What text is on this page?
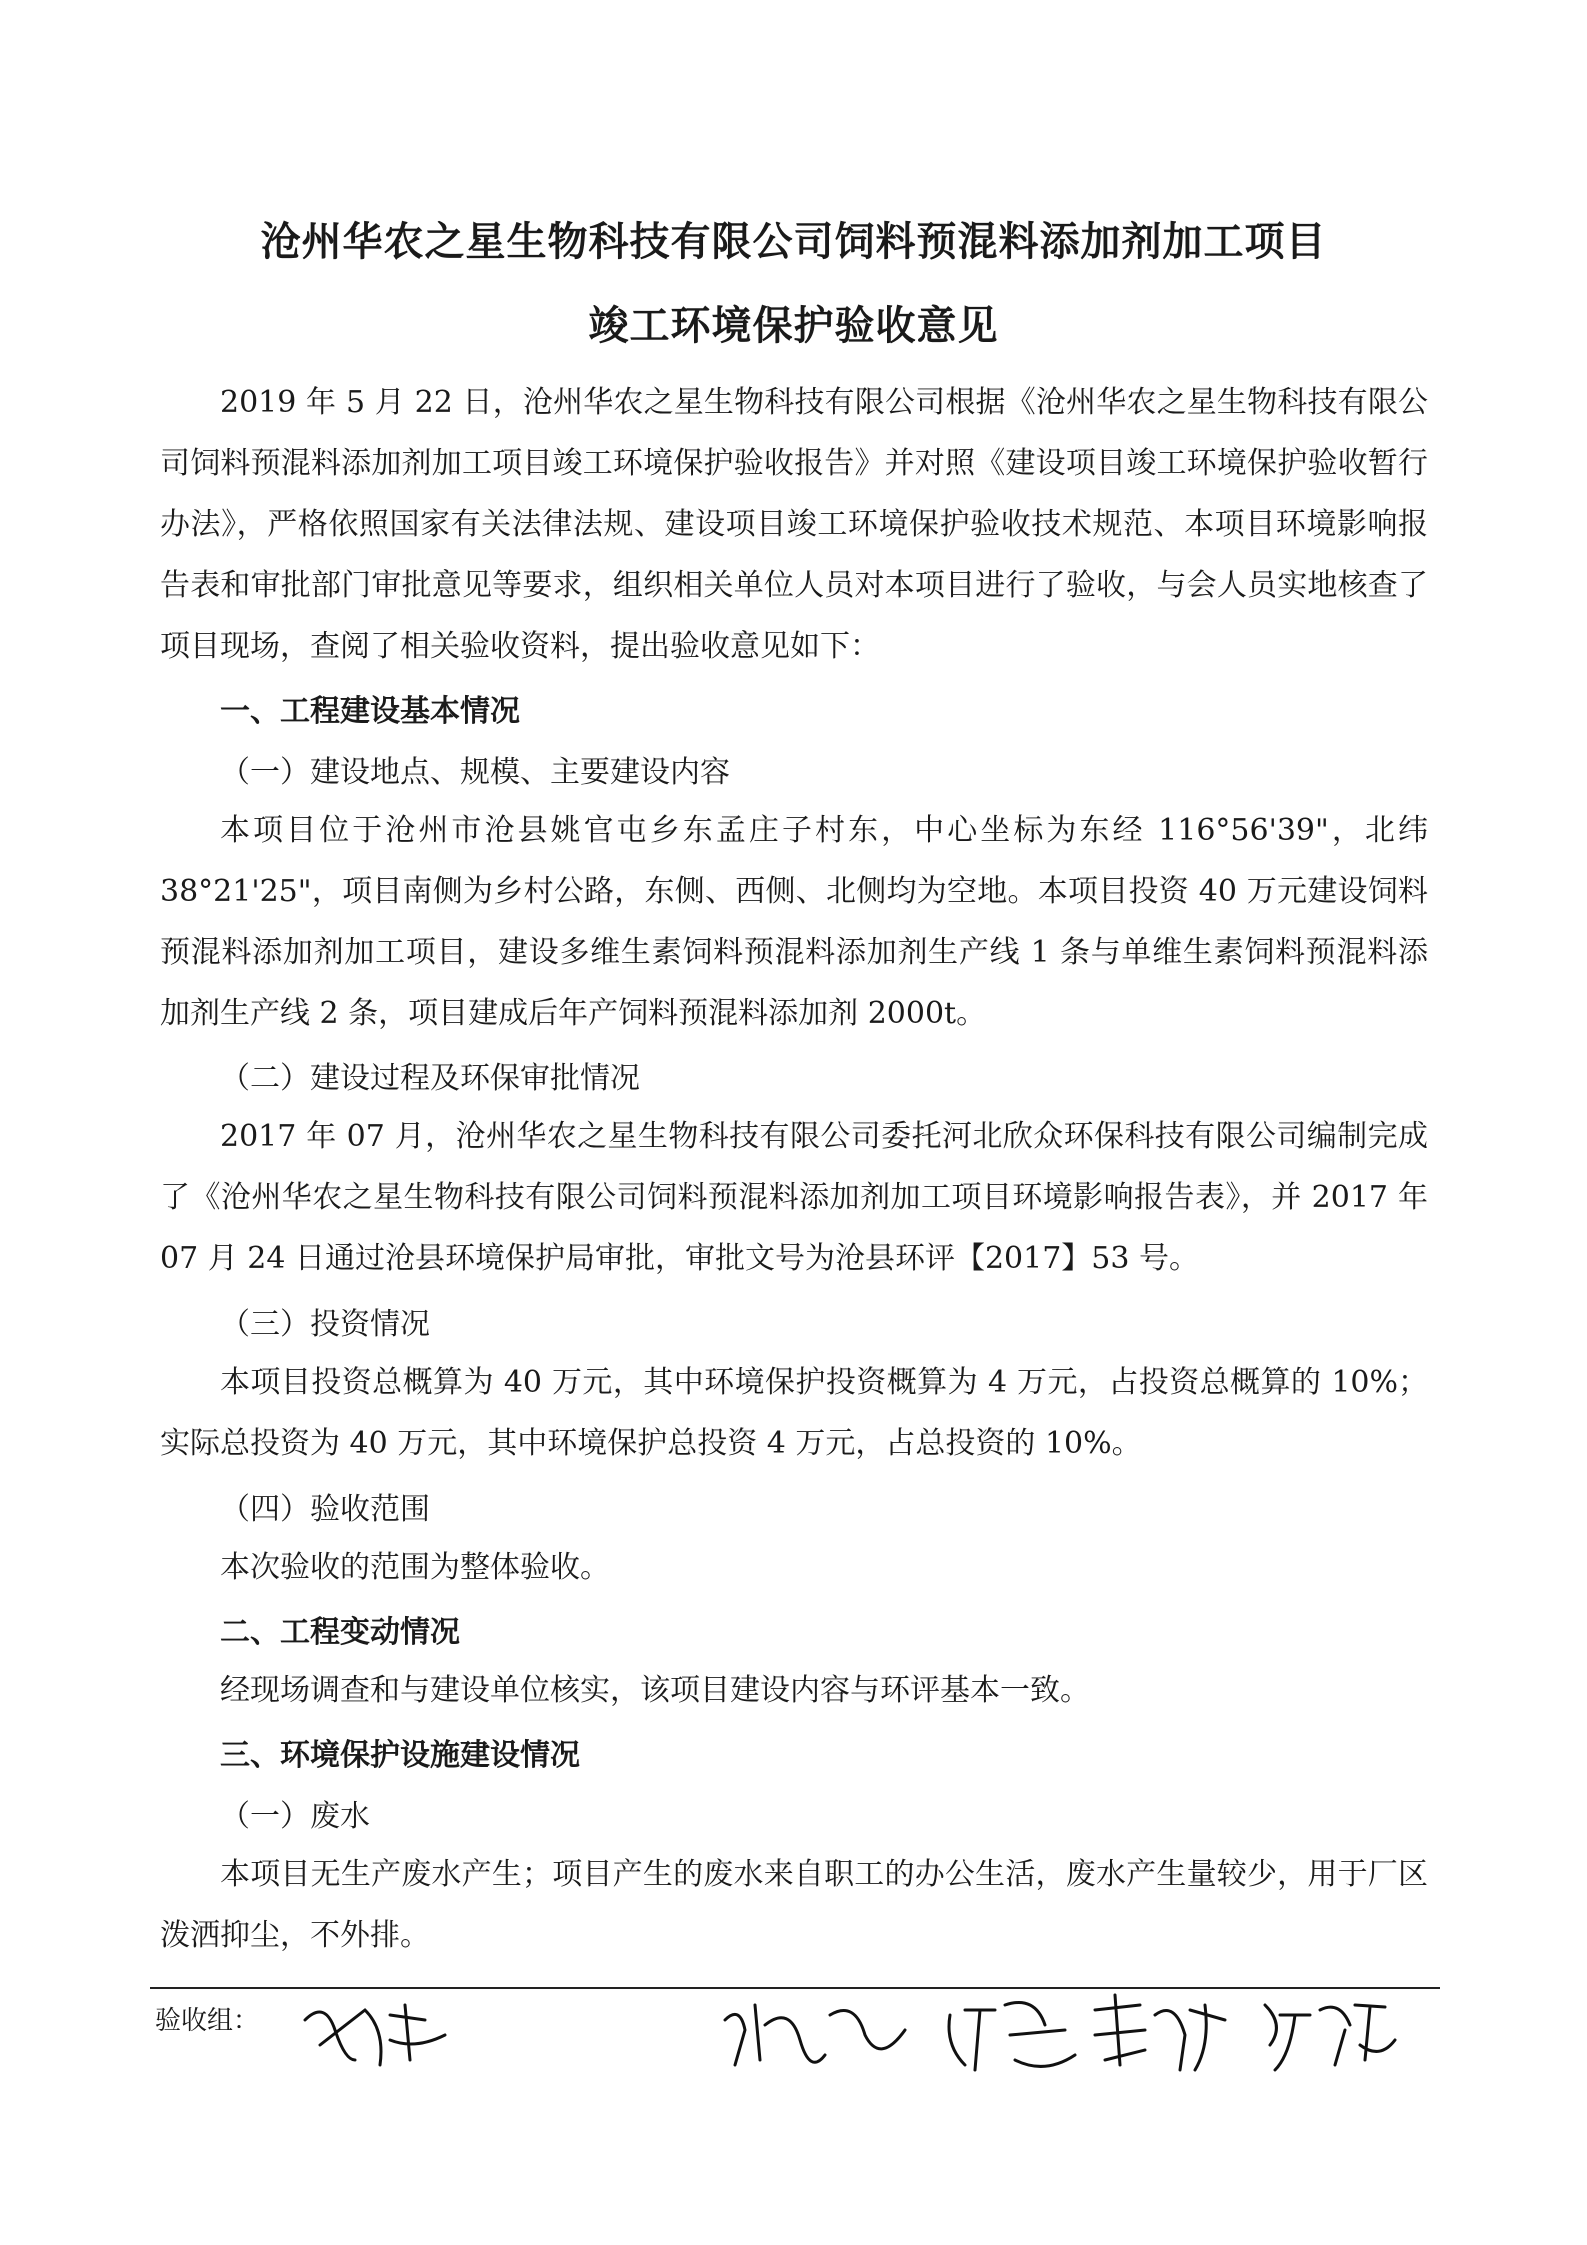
沧州华农之星生物科技有限公司饲料预混料添加剂加工项目
竣工环境保护验收意见
2019 年 5 月 22 日，沧州华农之星生物科技有限公司根据《沧州华农之星生物科技有限公司饲料预混料添加剂加工项目竣工环境保护验收报告》并对照《建设项目竣工环境保护验收暂行办法》，严格依照国家有关法律法规、建设项目竣工环境保护验收技术规范、本项目环境影响报告表和审批部门审批意见等要求，组织相关单位人员对本项目进行了验收，与会人员实地核查了项目现场，查阅了相关验收资料，提出验收意见如下：
一、工程建设基本情况
（一）建设地点、规模、主要建设内容
本项目位于沧州市沧县姚官屯乡东孟庄子村东，中心坐标为东经 116°56'39"，北纬 38°21'25"，项目南侧为乡村公路，东侧、西侧、北侧均为空地。本项目投资 40 万元建设饲料预混料添加剂加工项目，建设多维生素饲料预混料添加剂生产线 1 条与单维生素饲料预混料添加剂生产线 2 条，项目建成后年产饲料预混料添加剂 2000t。
（二）建设过程及环保审批情况
2017 年 07 月，沧州华农之星生物科技有限公司委托河北欣众环保科技有限公司编制完成了《沧州华农之星生物科技有限公司饲料预混料添加剂加工项目环境影响报告表》，并 2017 年 07 月 24 日通过沧县环境保护局审批，审批文号为沧县环评【2017】53 号。
（三）投资情况
本项目投资总概算为 40 万元，其中环境保护投资概算为 4 万元，占投资总概算的 10%；实际总投资为 40 万元，其中环境保护总投资 4 万元，占总投资的 10%。
（四）验收范围
本次验收的范围为整体验收。
二、工程变动情况
经现场调查和与建设单位核实，该项目建设内容与环评基本一致。
三、环境保护设施建设情况
（一）废水
本项目无生产废水产生；项目产生的废水来自职工的办公生活，废水产生量较少，用于厂区泼洒抑尘，不外排。
验收组：
